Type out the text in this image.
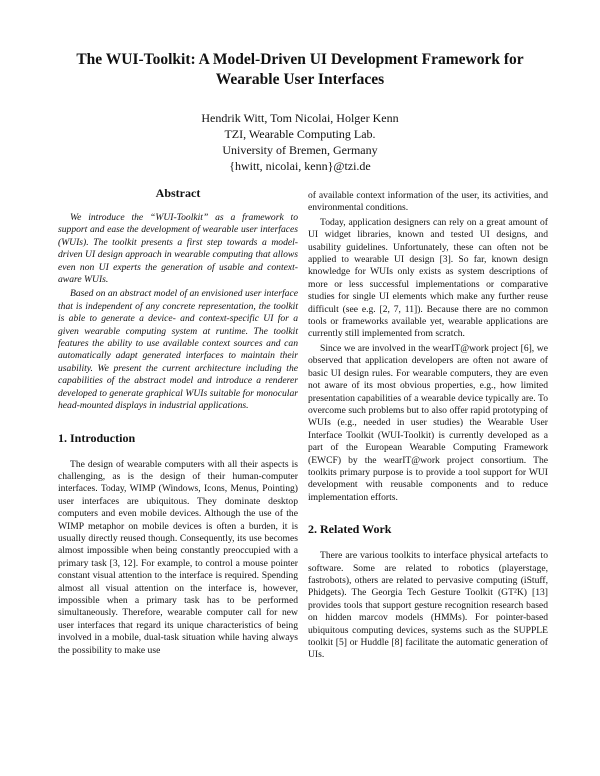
The WUI-Toolkit: A Model-Driven UI Development Framework for
Wearable User Interfaces
Hendrik Witt, Tom Nicolai, Holger Kenn
TZI, Wearable Computing Lab.
University of Bremen, Germany
{hwitt, nicolai, kenn}@tzi.de
Abstract

We introduce the “WUI-Toolkit” as a framework to support and ease the development of wearable user interfaces (WUIs). The toolkit presents a first step towards a model-driven UI design approach in wearable computing that allows even non UI experts the generation of usable and context-aware WUIs.

Based on an abstract model of an envisioned user interface that is independent of any concrete representation, the toolkit is able to generate a device- and context-specific UI for a given wearable computing system at runtime. The toolkit features the ability to use available context sources and can automatically adapt generated interfaces to maintain their usability. We present the current architecture including the capabilities of the abstract model and introduce a renderer developed to generate graphical WUIs suitable for monocular head-mounted displays in industrial applications.

1. Introduction

The design of wearable computers with all their aspects is challenging, as is the design of their human-computer interfaces. Today, WIMP (Windows, Icons, Menus, Pointing) user interfaces are ubiquitous. They dominate desktop computers and even mobile devices. Although the use of the WIMP metaphor on mobile devices is often a burden, it is usually directly reused though. Consequently, its use becomes almost impossible when being constantly preoccupied with a primary task [3, 12]. For example, to control a mouse pointer constant visual attention to the interface is required. Spending almost all visual attention on the interface is, however, impossible when a primary task has to be performed simultaneously. Therefore, wearable computer call for new user interfaces that regard its unique characteristics of being involved in a mobile, dual-task situation while having always the possibility to make use

of available context information of the user, its activities, and environmental conditions.

Today, application designers can rely on a great amount of UI widget libraries, known and tested UI designs, and usability guidelines. Unfortunately, these can often not be applied to wearable UI design [3]. So far, known design knowledge for WUIs only exists as system descriptions of more or less successful implementations or comparative studies for single UI elements which make any further reuse difficult (see e.g. [2, 7, 11]). Because there are no common tools or frameworks available yet, wearable applications are currently still implemented from scratch.

Since we are involved in the wearIT@work project [6], we observed that application developers are often not aware of basic UI design rules. For wearable computers, they are even not aware of its most obvious properties, e.g., how limited presentation capabilities of a wearable device typically are. To overcome such problems but to also offer rapid prototyping of WUIs (e.g., needed in user studies) the Wearable User Interface Toolkit (WUI-Toolkit) is currently developed as a part of the European Wearable Computing Framework (EWCF) by the wearIT@work project consortium. The toolkits primary purpose is to provide a tool support for WUI development with reusable components and to reduce implementation efforts.

2. Related Work

There are various toolkits to interface physical artefacts to software. Some are related to robotics (playerstage, fastrobots), others are related to pervasive computing (iStuff, Phidgets). The Georgia Tech Gesture Toolkit (GT²K) [13] provides tools that support gesture recognition research based on hidden marcov models (HMMs). For pointer-based ubiquitous computing devices, systems such as the SUPPLE toolkit [5] or Huddle [8] facilitate the automatic generation of UIs.
